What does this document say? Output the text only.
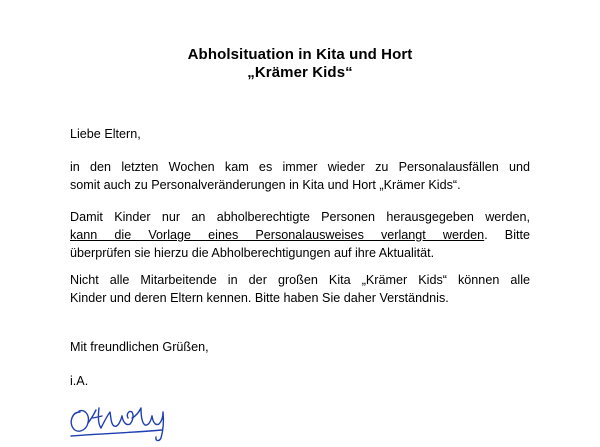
Abholsituation in Kita und Hort
„Krämer Kids“
Liebe Eltern,
in den letzten Wochen kam es immer wieder zu Personalausfällen und
somit auch zu Personalveränderungen in Kita und Hort „Krämer Kids“.
Damit Kinder nur an abholberechtigte Personen herausgegeben werden,
kann die Vorlage eines Personalausweises verlangt werden. Bitte
überprüfen sie hierzu die Abholberechtigungen auf ihre Aktualität.
Nicht alle Mitarbeitende in der großen Kita „Krämer Kids“ können alle
Kinder und deren Eltern kennen. Bitte haben Sie daher Verständnis.
Mit freundlichen Grüßen,
i.A.
